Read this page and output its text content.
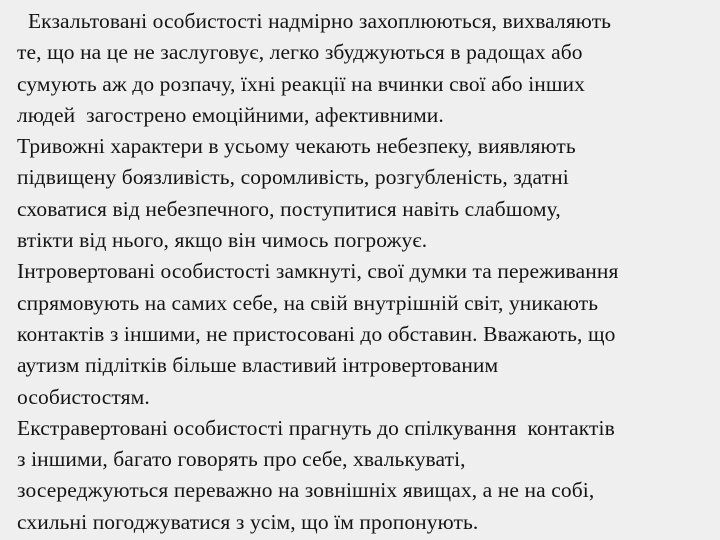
Екзальтовані особистості надмірно захоплюються, вихваляють
те, що на це не заслуговує, легко збуджуються в радощах або
сумують аж до розпачу, їхні реакції на вчинки свої або інших
людей  загострено емоційними, афективними.
Тривожні характери в усьому чекають небезпеку, виявляють
підвищену боязливість, соромливість, розгубленість, здатні
сховатися від небезпечного, поступитися навіть слабшому,
втікти від нього, якщо він чимось погрожує.
Інтровертовані особистості замкнуті, свої думки та переживання
спрямовують на самих себе, на свій внутрішній світ, уникають
контактів з іншими, не пристосовані до обставин. Вважають, що
аутизм підлітків більше властивий інтровертованим
особистостям.
Екстравертовані особистості прагнуть до спілкування  контактів
з іншими, багато говорять про себе, хвалькуваті,
зосереджуються переважно на зовнішніх явищах, а не на собі,
схильні погоджуватися з усім, що їм пропонують.
